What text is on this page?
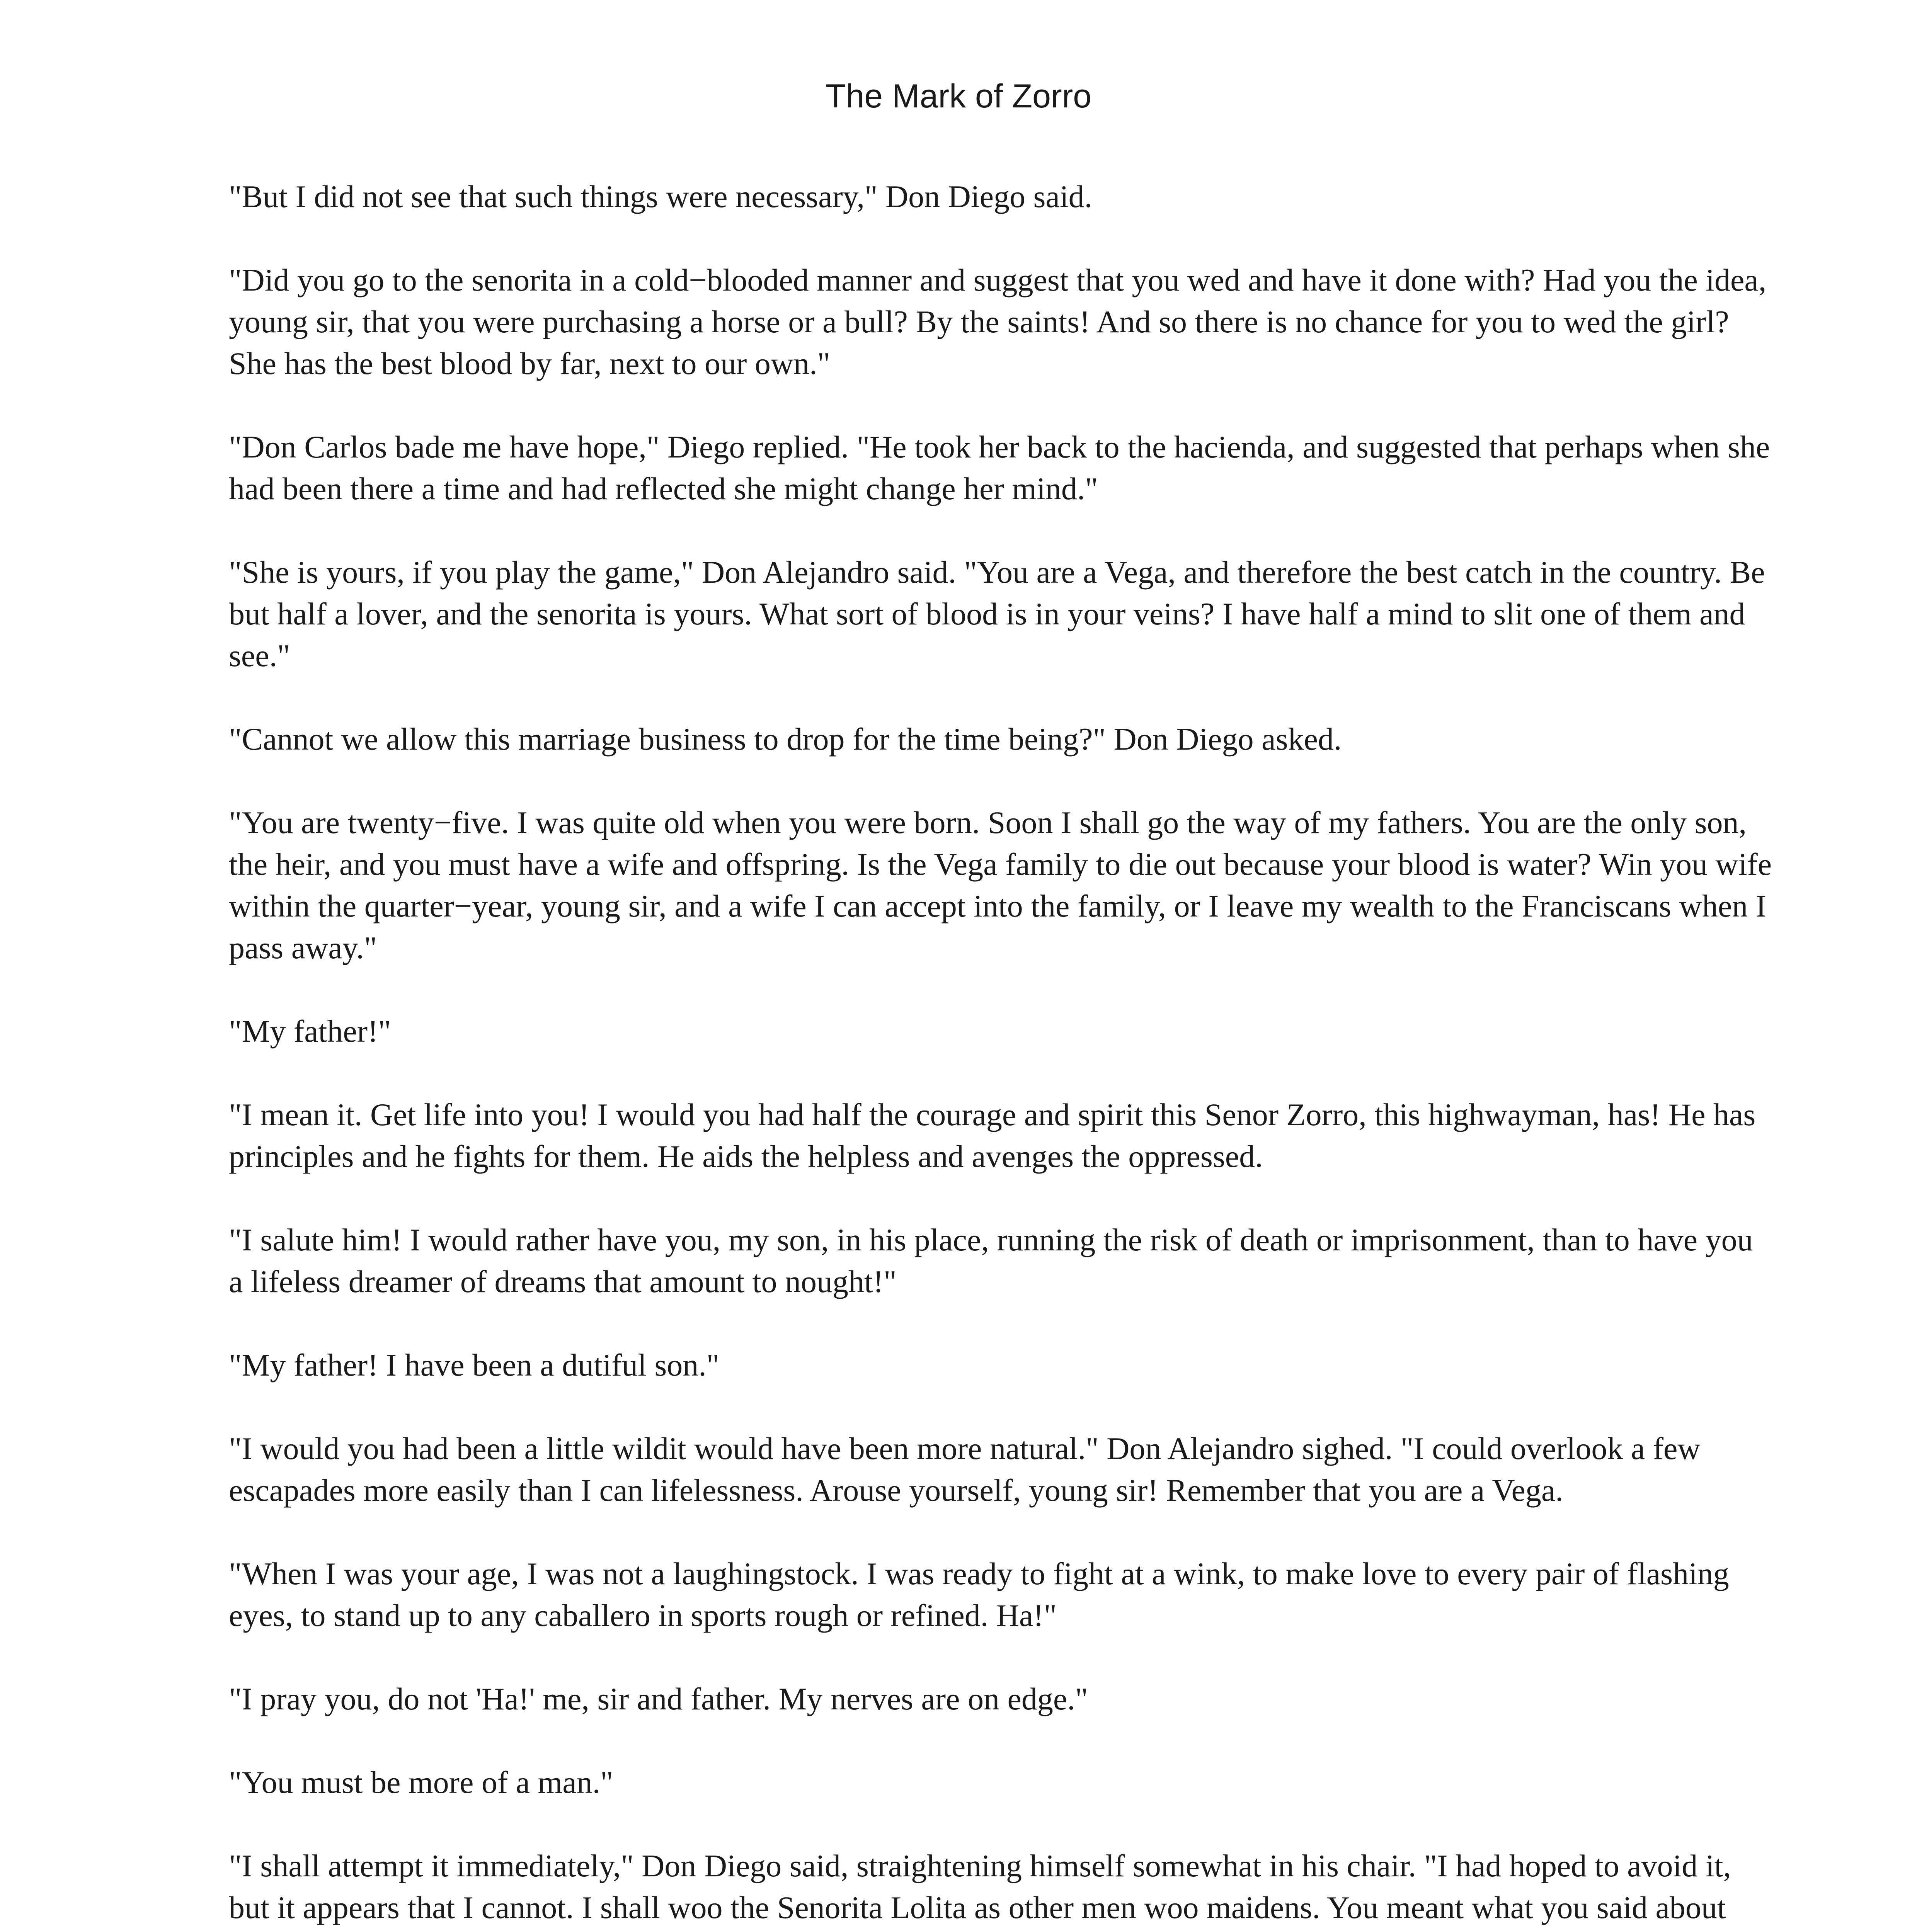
The Mark of Zorro

"But I did not see that such things were necessary," Don Diego said.

"Did you go to the senorita in a cold−blooded manner and suggest that you wed and have it done with? Had you the idea, young sir, that you were purchasing a horse or a bull? By the saints! And so there is no chance for you to wed the girl? She has the best blood by far, next to our own."

"Don Carlos bade me have hope," Diego replied. "He took her back to the hacienda, and suggested that perhaps when she had been there a time and had reflected she might change her mind."

"She is yours, if you play the game," Don Alejandro said. "You are a Vega, and therefore the best catch in the country. Be but half a lover, and the senorita is yours. What sort of blood is in your veins? I have half a mind to slit one of them and see."

"Cannot we allow this marriage business to drop for the time being?" Don Diego asked.

"You are twenty−five. I was quite old when you were born. Soon I shall go the way of my fathers. You are the only son, the heir, and you must have a wife and offspring. Is the Vega family to die out because your blood is water? Win you wife within the quarter−year, young sir, and a wife I can accept into the family, or I leave my wealth to the Franciscans when I pass away."

"My father!"

"I mean it. Get life into you! I would you had half the courage and spirit this Senor Zorro, this highwayman, has! He has principles and he fights for them. He aids the helpless and avenges the oppressed.

"I salute him! I would rather have you, my son, in his place, running the risk of death or imprisonment, than to have you a lifeless dreamer of dreams that amount to nought!"

"My father! I have been a dutiful son."

"I would you had been a little wildit would have been more natural." Don Alejandro sighed. "I could overlook a few escapades more easily than I can lifelessness. Arouse yourself, young sir! Remember that you are a Vega.

"When I was your age, I was not a laughingstock. I was ready to fight at a wink, to make love to every pair of flashing eyes, to stand up to any caballero in sports rough or refined. Ha!"

"I pray you, do not 'Ha!' me, sir and father. My nerves are on edge."

"You must be more of a man."

"I shall attempt it immediately," Don Diego said, straightening himself somewhat in his chair. "I had hoped to avoid it, but it appears that I cannot. I shall woo the Senorita Lolita as other men woo maidens. You meant what you said about
